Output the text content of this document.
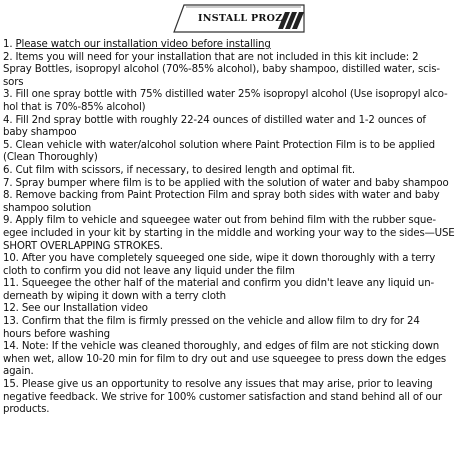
INSTALL PROZ
1. Please watch our installation video before installing
2. Items you will need for your installation that are not included in this kit include: 2
Spray Bottles, isopropyl alcohol (70%-85% alcohol), baby shampoo, distilled water, scis-
sors
3. Fill one spray bottle with 75% distilled water 25% isopropyl alcohol (Use isopropyl alco-
hol that is 70%-85% alcohol)
4. Fill 2nd spray bottle with roughly 22-24 ounces of distilled water and 1-2 ounces of
baby shampoo
5. Clean vehicle with water/alcohol solution where Paint Protection Film is to be applied
(Clean Thoroughly)
6. Cut film with scissors, if necessary, to desired length and optimal fit.
7. Spray bumper where film is to be applied with the solution of water and baby shampoo
8. Remove backing from Paint Protection Film and spray both sides with water and baby
shampoo solution
9. Apply film to vehicle and squeegee water out from behind film with the rubber sque-
egee included in your kit by starting in the middle and working your way to the sides—USE
SHORT OVERLAPPING STROKES.
10. After you have completely squeeged one side, wipe it down thoroughly with a terry
cloth to confirm you did not leave any liquid under the film
11. Squeegee the other half of the material and confirm you didn't leave any liquid un-
derneath by wiping it down with a terry cloth
12. See our Installation video
13. Confirm that the film is firmly pressed on the vehicle and allow film to dry for 24
hours before washing
14. Note: If the vehicle was cleaned thoroughly, and edges of film are not sticking down
when wet, allow 10-20 min for film to dry out and use squeegee to press down the edges
again.
15. Please give us an opportunity to resolve any issues that may arise, prior to leaving
negative feedback. We strive for 100% customer satisfaction and stand behind all of our
products.
